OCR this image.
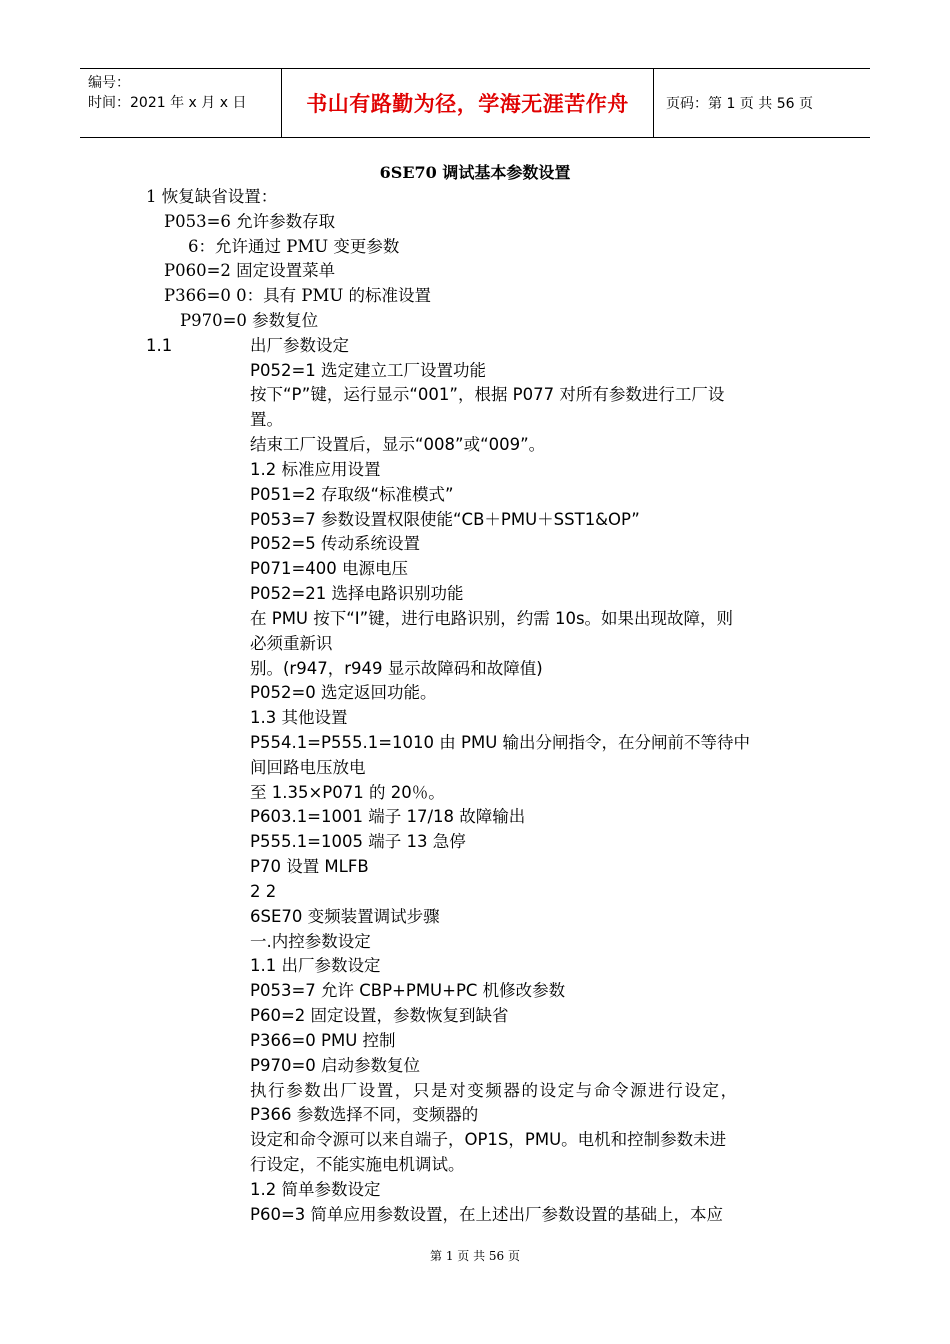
编号：
时间：2021 年 x 月 x 日	书山有路勤为径，学海无涯苦作舟	页码：第 1 页 共 56 页
6SE70 调试基本参数设置
1 恢复缺省设置：
P053=6 允许参数存取
6：允许通过 PMU 变更参数
P060=2 固定设置菜单
P366=0 0：具有 PMU 的标准设置
P970=0 参数复位
1.1	出厂参数设定
P052=1 选定建立工厂设置功能
按下“P”键，运行显示“001”，根据 P077 对所有参数进行工厂设
置。
结束工厂设置后，显示“008”或“009”。
1.2 标准应用设置
P051=2 存取级“标准模式”
P053=7 参数设置权限使能“CB＋PMU＋SST1&OP”
P052=5 传动系统设置
P071=400 电源电压
P052=21 选择电路识别功能
在 PMU 按下“I”键，进行电路识别，约需 10s。如果出现故障，则
必须重新识
别。(r947，r949 显示故障码和故障值)
P052=0 选定返回功能。
1.3 其他设置
P554.1=P555.1=1010 由 PMU 输出分闸指令，在分闸前不等待中
间回路电压放电
至 1.35×P071 的 20％。
P603.1=1001 端子 17/18 故障输出
P555.1=1005 端子 13 急停
P70 设置 MLFB
2 2
6SE70 变频装置调试步骤
一.内控参数设定
1.1 出厂参数设定
P053=7 允许 CBP+PMU+PC 机修改参数
P60=2 固定设置，参数恢复到缺省
P366=0 PMU 控制
P970=0 启动参数复位
执行参数出厂设置，只是对变频器的设定与命令源进行设定，
P366 参数选择不同，变频器的
设定和命令源可以来自端子，OP1S，PMU。电机和控制参数未进
行设定，不能实施电机调试。
1.2 简单参数设定
P60=3 简单应用参数设置，在上述出厂参数设置的基础上，本应
第 1 页 共 56 页
